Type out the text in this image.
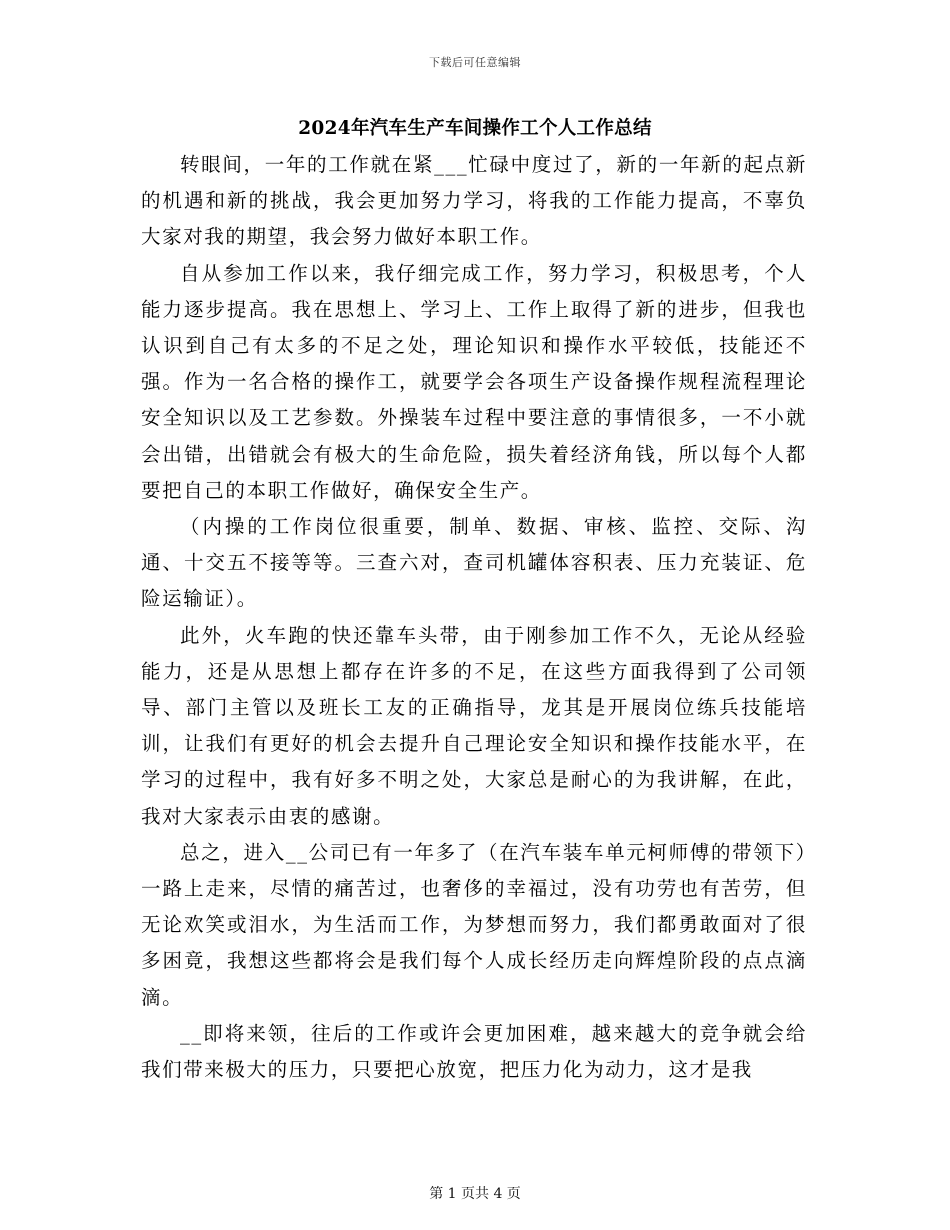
下载后可任意编辑
2024年汽车生产车间操作工个人工作总结

转眼间，一年的工作就在紧___忙碌中度过了，新的一年新的起点新的机遇和新的挑战，我会更加努力学习，将我的工作能力提高，不辜负大家对我的期望，我会努力做好本职工作。

自从参加工作以来，我仔细完成工作，努力学习，积极思考，个人能力逐步提高。我在思想上、学习上、工作上取得了新的进步，但我也认识到自己有太多的不足之处，理论知识和操作水平较低，技能还不强。作为一名合格的操作工，就要学会各项生产设备操作规程流程理论安全知识以及工艺参数。外操装车过程中要注意的事情很多，一不小就会出错，出错就会有极大的生命危险，损失着经济角钱，所以每个人都要把自己的本职工作做好，确保安全生产。

（内操的工作岗位很重要，制单、数据、审核、监控、交际、沟通、十交五不接等等。三查六对，查司机罐体容积表、压力充装证、危险运输证）。

此外，火车跑的快还靠车头带，由于刚参加工作不久，无论从经验能力，还是从思想上都存在许多的不足，在这些方面我得到了公司领导、部门主管以及班长工友的正确指导，龙其是开展岗位练兵技能培训，让我们有更好的机会去提升自己理论安全知识和操作技能水平，在学习的过程中，我有好多不明之处，大家总是耐心的为我讲解，在此，我对大家表示由衷的感谢。

总之，进入__公司已有一年多了（在汽车装车单元柯师傅的带领下）一路上走来，尽情的痛苦过，也奢侈的幸福过，没有功劳也有苦劳，但无论欢笑或泪水，为生活而工作，为梦想而努力，我们都勇敢面对了很多困竟，我想这些都将会是我们每个人成长经历走向辉煌阶段的点点滴滴。

__即将来领，往后的工作或许会更加困难，越来越大的竞争就会给我们带来极大的压力，只要把心放宽，把压力化为动力，这才是我

第 1 页共 4 页
